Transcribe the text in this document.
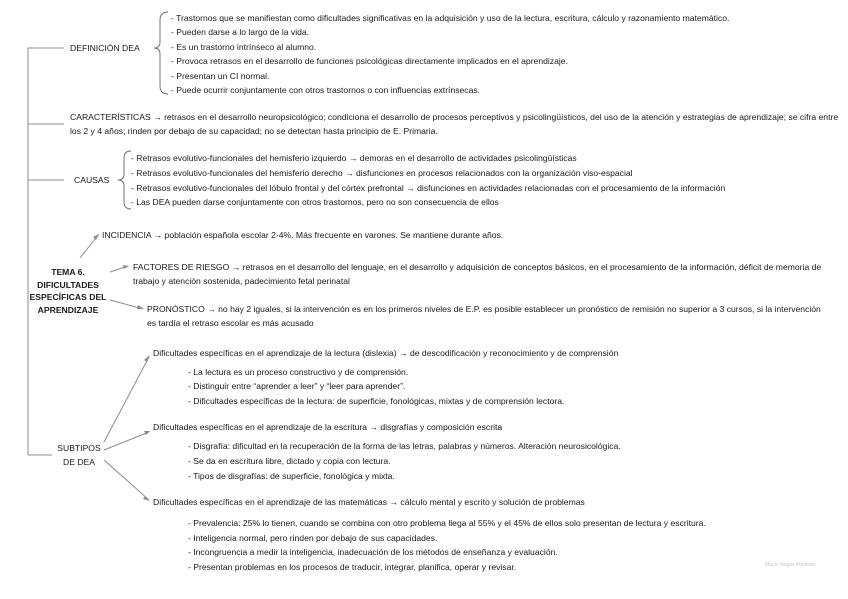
TEMA 6. DIFICULTADES ESPECÍFICAS DEL APRENDIZAJE
DEFINICIÓN DEA
- Trastornos que se manifiestan como dificultades significativas en la adquisición y uso de la lectura, escritura, cálculo y razonamiento matemático.
- Pueden darse a lo largo de la vida.
- Es un trastorno intrínseco al alumno.
- Provoca retrasos en el desarrollo de funciones psicológicas directamente implicados en el aprendizaje.
- Presentan un CI normal.
- Puede ocurrir conjuntamente con otros trastornos o con influencias extrínsecas.
CARACTERÍSTICAS → retrasos en el desarrollo neuropsicológico; condiciona el desarrollo de procesos perceptivos y psicolingüísticos, del uso de la atención y estrategias de aprendizaje; se cifra entre los 2 y 4 años; rinden por debajo de su capacidad; no se detectan hasta principio de E. Primaria.
CAUSAS
- Retrasos evolutivo-funcionales del hemisferio izquierdo → demoras en el desarrollo de actividades psicolingüísticas
- Retrasos evolutivo-funcionales del hemisferio derecho → disfunciones en procesos relacionados con la organización viso-espacial
- Retrasos evolutivo-funcionales del lóbulo frontal y del córtex prefrontal → disfunciones en actividades relacionadas con el procesamiento de la información
- Las DEA pueden darse conjuntamente con otros trastornos, pero no son consecuencia de ellos
INCIDENCIA → población española escolar 2-4%. Más frecuente en varones. Se mantiene durante años.
FACTORES DE RIESGO → retrasos en el desarrollo del lenguaje, en el desarrollo y adquisición de conceptos básicos, en el procesamiento de la información, déficit de memoria de trabajo y atención sostenida, padecimiento fetal perinatal
PRONÓSTICO → no hay 2 iguales, si la intervención es en los primeros niveles de E.P. es posible establecer un pronóstico de remisión no superior a 3 cursos, si la intervención es tardía el retraso escolar es más acusado
SUBTIPOS DE DEA
Dificultades específicas en el aprendizaje de la lectura (dislexia) → de descodificación y reconocimiento y de comprensión
- La lectura es un proceso constructivo y de comprensión.
- Distinguir entre “aprender a leer” y “leer para aprender”.
- Dificultades específicas de la lectura: de superficie, fonológicas, mixtas y de comprensión lectora.
Dificultades específicas en el aprendizaje de la escritura → disgrafías y composición escrita
- Disgrafía: dificultad en la recuperación de la forma de las letras, palabras y números. Alteración neurosicológica.
- Se da en escritura libre, dictado y copia con lectura.
- Tipos de disgrafías: de superficie, fonológica y mixta.
Dificultades específicas en el aprendizaje de las matemáticas → cálculo mental y escrito y solución de problemas
- Prevalencia: 25% lo tienen, cuando se combina con otro problema llega al 55% y el 45% de ellos solo presentan de lectura y escritura.
- Inteligencia normal, pero rinden por debajo de sus capacidades.
- Incongruencia a medir la inteligencia, inadecuación de los métodos de enseñanza y evaluación.
- Presentan problemas en los procesos de traducir, integrar, planifica, operar y revisar.	María Vargas Martínez
